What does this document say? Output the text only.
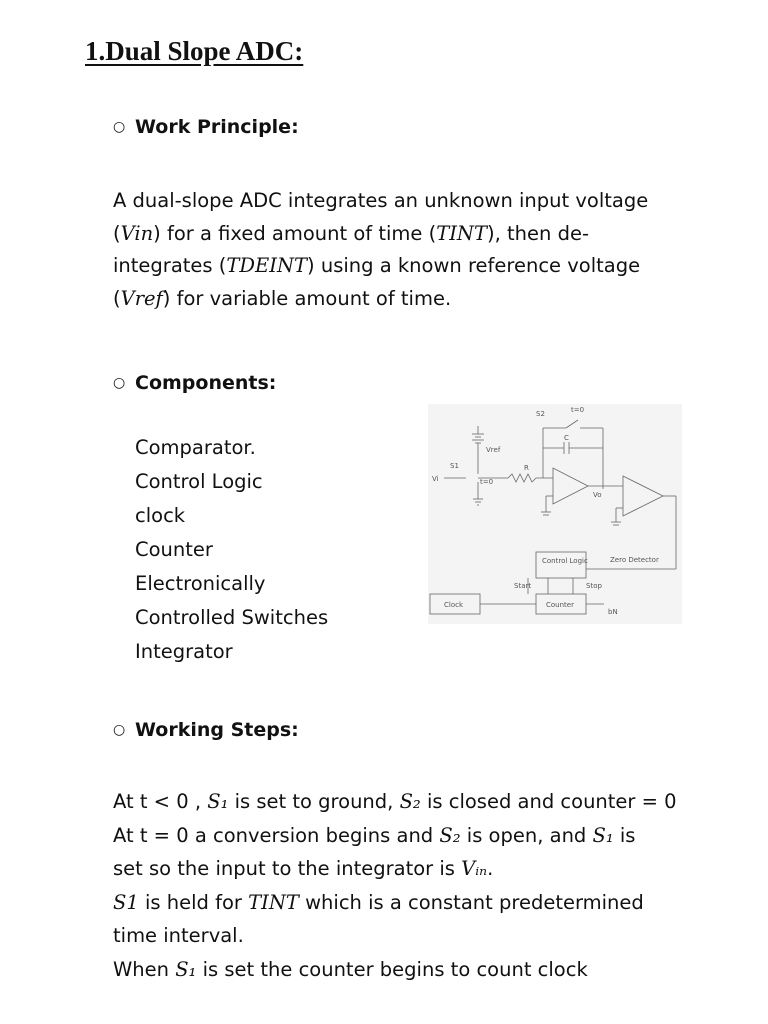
1.Dual Slope ADC:
○ Work Principle:

A dual-slope ADC integrates an unknown input voltage

(Vin) for a fixed amount of time (TINT), then de-

integrates (TDEINT) using a known reference voltage

(Vref) for variable amount of time.

○ Components:
Comparator.
Control Logic
clock
Counter
Electronically
Controlled Switches
Integrator
S2	t=0
C
Vref
S1	R
Vi	t=0
Vo
Control Logic	Zero Detector
Start	Stop
Clock	Counter
bN
○ Working Steps:

At t < 0 , S₁ is set to ground, S₂ is closed and counter = 0

At t = 0 a conversion begins and S₂ is open, and S₁ is

set so the input to the integrator is Vᵢₙ.

S1 is held for TINT which is a constant predetermined

time interval.

When S₁ is set the counter begins to count clock
